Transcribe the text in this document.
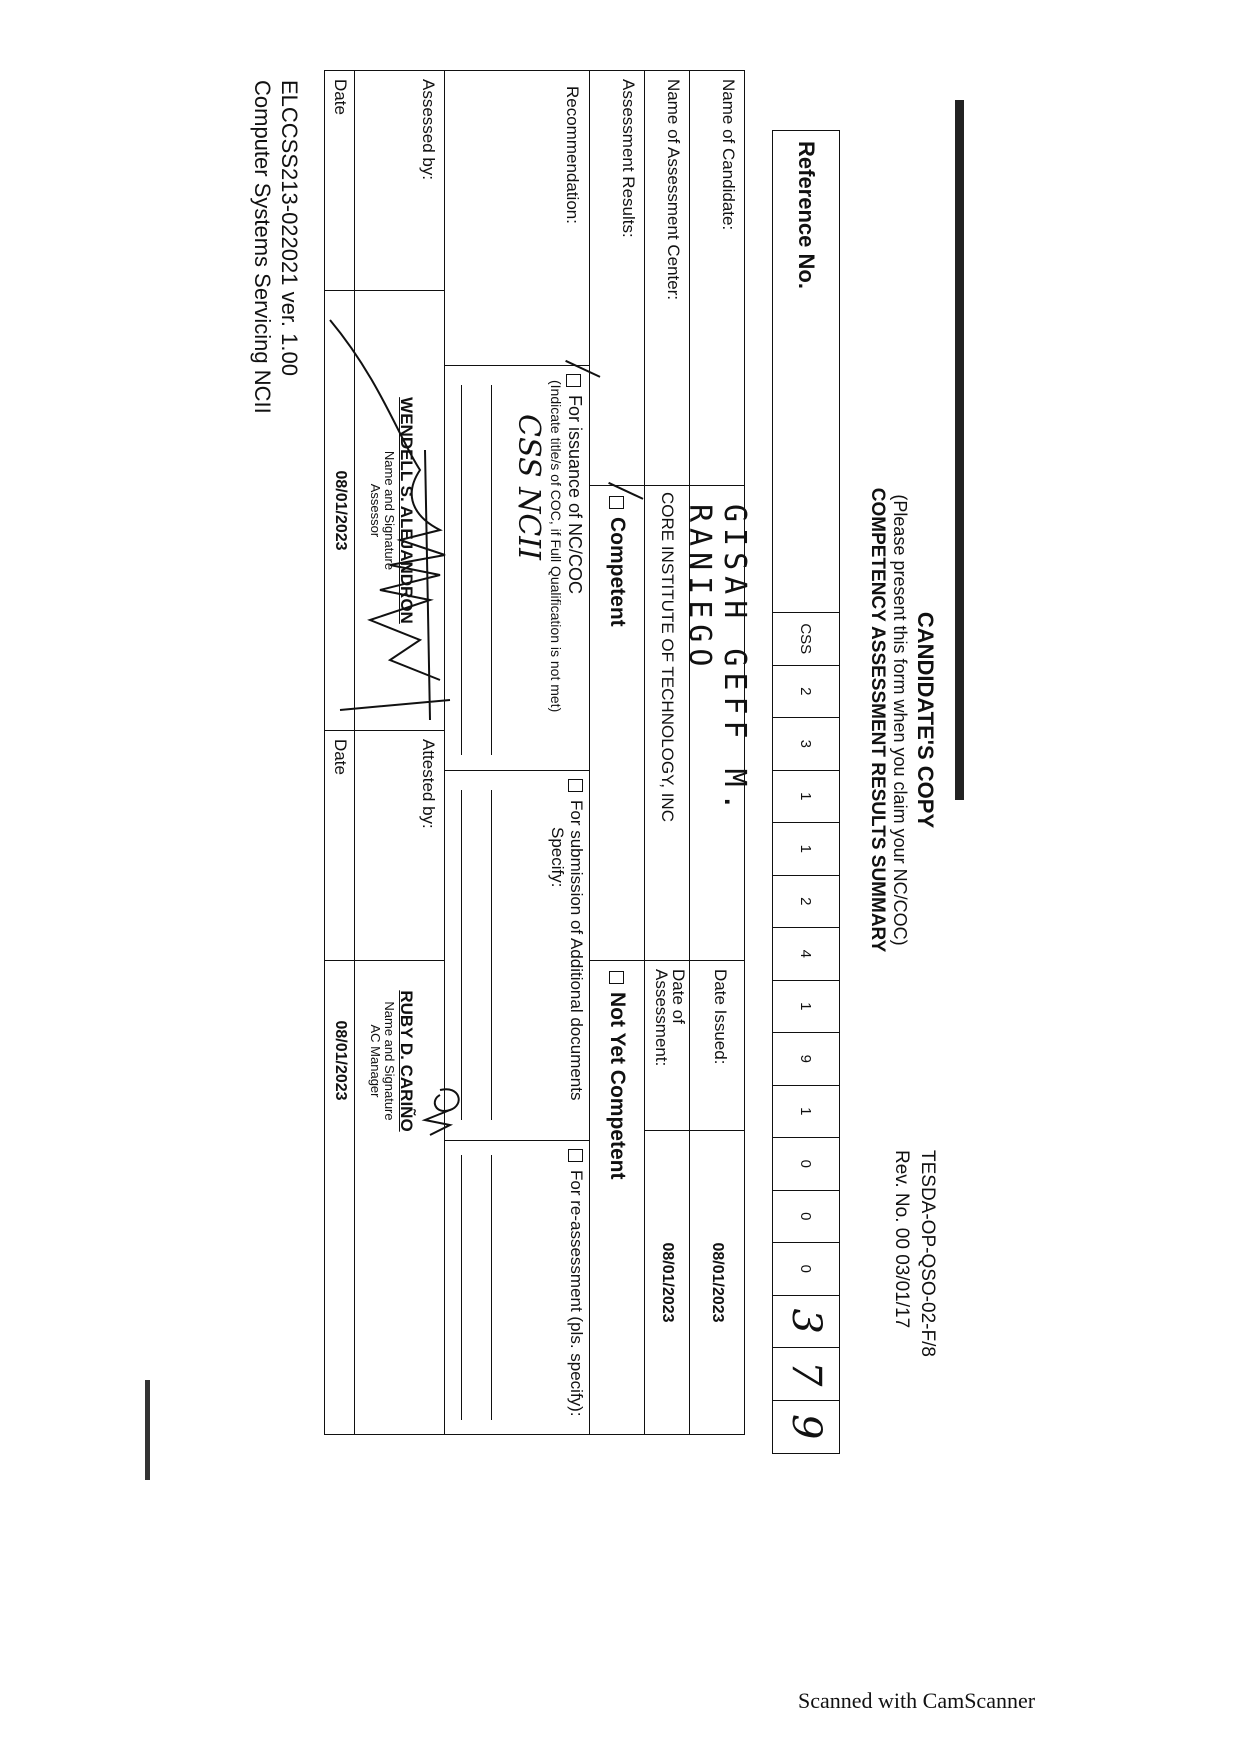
CANDIDATE'S COPY
(Please present this form when you claim your NC/COC)
COMPETENCY ASSESSMENT RESULTS SUMMARY
TESDA-OP-QSO-02-F/8
Rev. No. 00 03/01/17
Reference No.
CSS
2
3
1
1
2
4
1
9
1
0
0
0
3
7
9
Name of Candidate:
GISAH GEFF M. RANIEGO
Date Issued:
08/01/2023
Name of Assessment Center:
CORE INSTITUTE OF TECHNOLOGY, INC
Date of Assessment:
08/01/2023
Assessment Results:
Competent
Not Yet Competent
Recommendation:
For issuance of NC/COC
(Indicate title/s of COC, if Full Qualification is not met)
CSS NCII
For submission of Additional documents
Specify:
For re-assessment (pls. specify):
Assessed by:
WENDELL S. ALEJANDRON
Name and Signature
Assessor
Attested by:
RUBY D. CARIÑO
Name and Signature
AC Manager
Date
08/01/2023
Date
08/01/2023
ELCCSS213-022021 ver. 1.00
Computer Systems Servicing NCII
Scanned with CamScanner
